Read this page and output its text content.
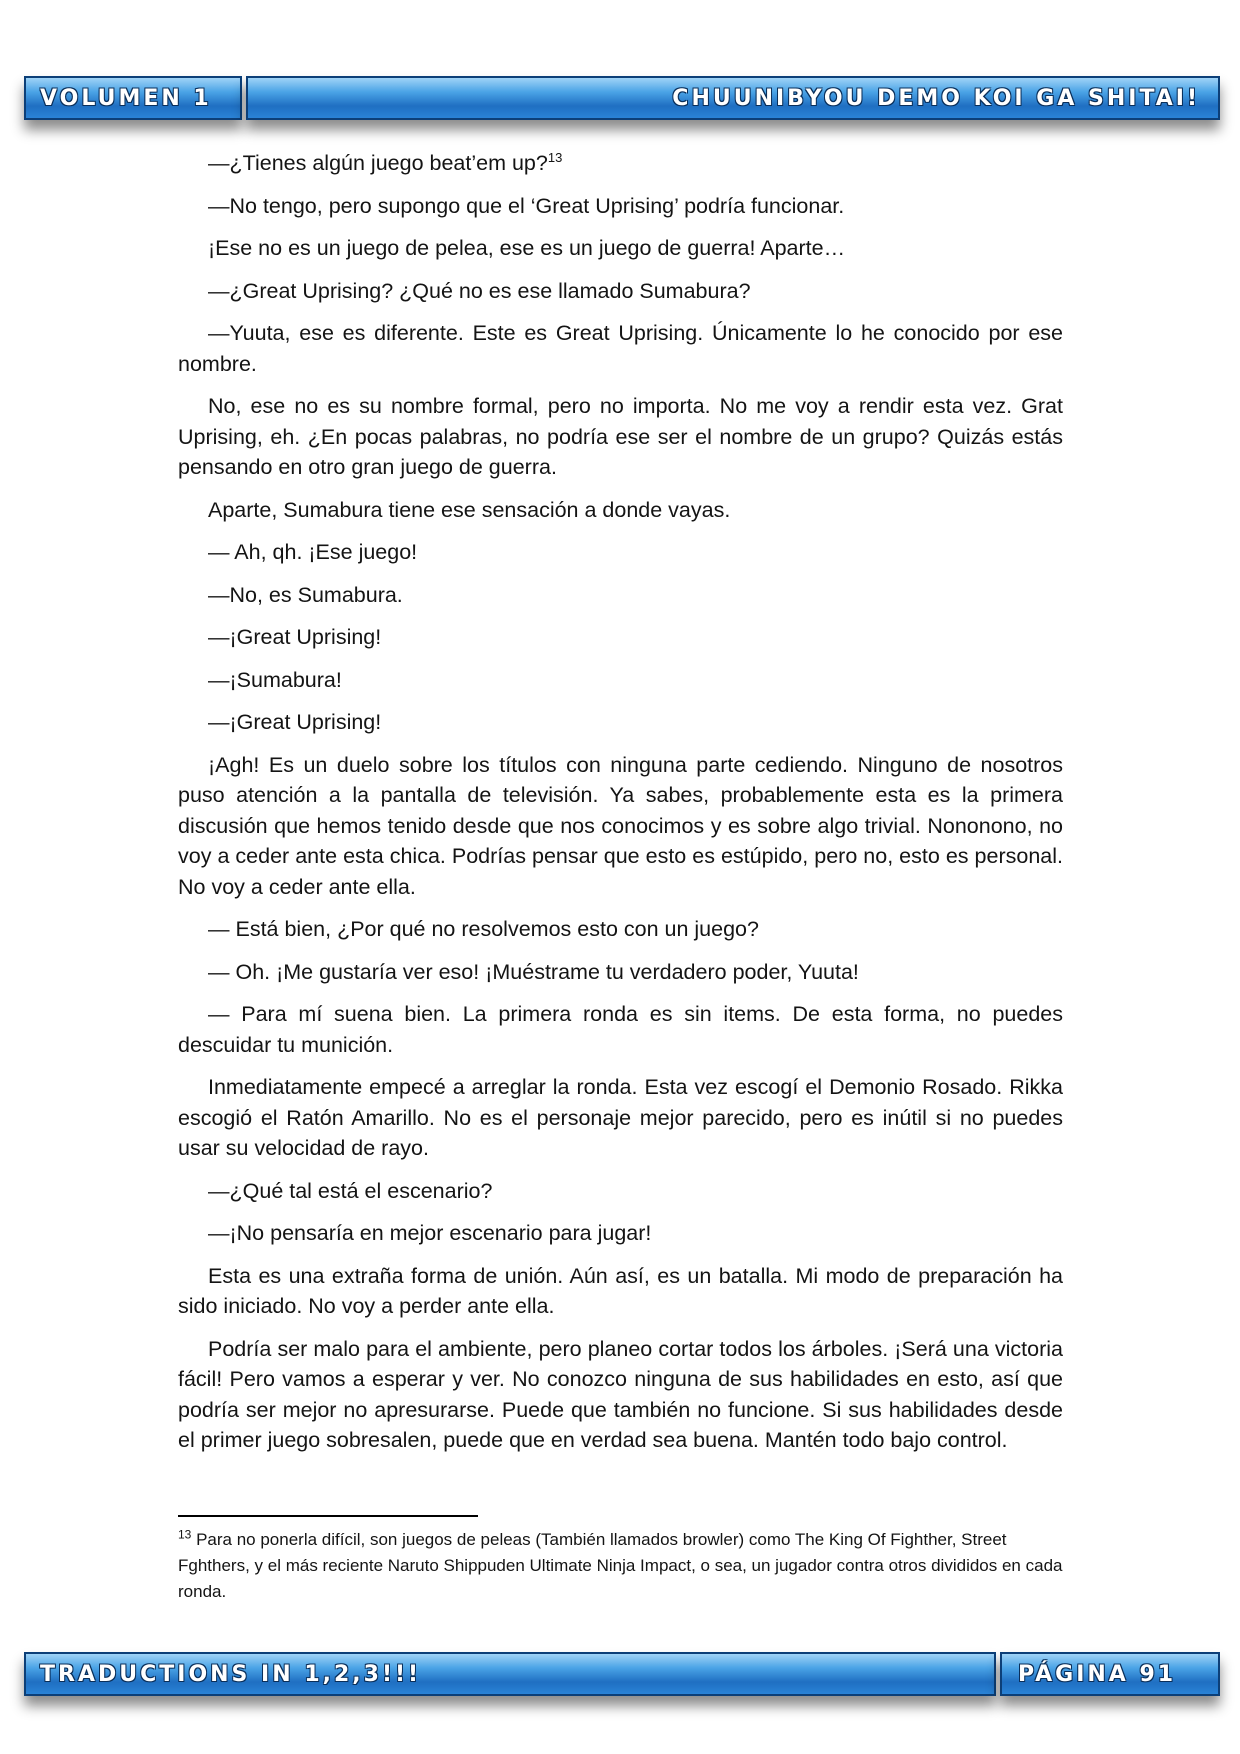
VOLUMEN 1	CHUUNIBYOU DEMO KOI GA SHITAI!

—¿Tienes algún juego beat’em up?$^{13}$

—No tengo, pero supongo que el ‘Great Uprising’ podría funcionar.

¡Ese no es un juego de pelea, ese es un juego de guerra! Aparte…

—¿Great Uprising? ¿Qué no es ese llamado Sumabura?

—Yuuta, ese es diferente. Este es Great Uprising. Únicamente lo he conocido por ese nombre.

No, ese no es su nombre formal, pero no importa. No me voy a rendir esta vez. Grat Uprising, eh. ¿En pocas palabras, no podría ese ser el nombre de un grupo? Quizás estás pensando en otro gran juego de guerra.

Aparte, Sumabura tiene ese sensación a donde vayas.

— Ah, qh. ¡Ese juego!

—No, es Sumabura.

—¡Great Uprising!

—¡Sumabura!

—¡Great Uprising!

¡Agh! Es un duelo sobre los títulos con ninguna parte cediendo. Ninguno de nosotros puso atención a la pantalla de televisión. Ya sabes, probablemente esta es la primera discusión que hemos tenido desde que nos conocimos y es sobre algo trivial. Nononono, no voy a ceder ante esta chica. Podrías pensar que esto es estúpido, pero no, esto es personal. No voy a ceder ante ella.

— Está bien, ¿Por qué no resolvemos esto con un juego?

— Oh. ¡Me gustaría ver eso! ¡Muéstrame tu verdadero poder, Yuuta!

— Para mí suena bien. La primera ronda es sin items. De esta forma, no puedes descuidar tu munición.

Inmediatamente empecé a arreglar la ronda. Esta vez escogí el Demonio Rosado. Rikka escogió el Ratón Amarillo. No es el personaje mejor parecido, pero es inútil si no puedes usar su velocidad de rayo.

—¿Qué tal está el escenario?

—¡No pensaría en mejor escenario para jugar!

Esta es una extraña forma de unión. Aún así, es un batalla. Mi modo de preparación ha sido iniciado. No voy a perder ante ella.

Podría ser malo para el ambiente, pero planeo cortar todos los árboles. ¡Será una victoria fácil! Pero vamos a esperar y ver. No conozco ninguna de sus habilidades en esto, así que podría ser mejor no apresurarse. Puede que también no funcione. Si sus habilidades desde el primer juego sobresalen, puede que en verdad sea buena. Mantén todo bajo control.

$^{13}$ Para no ponerla difícil, son juegos de peleas (También llamados browler) como The King Of Fighther, Street Fghthers, y el más reciente Naruto Shippuden Ultimate Ninja Impact, o sea, un jugador contra otros divididos en cada ronda.

TRADUCTIONS IN 1,2,3!!!	PÁGINA 91
